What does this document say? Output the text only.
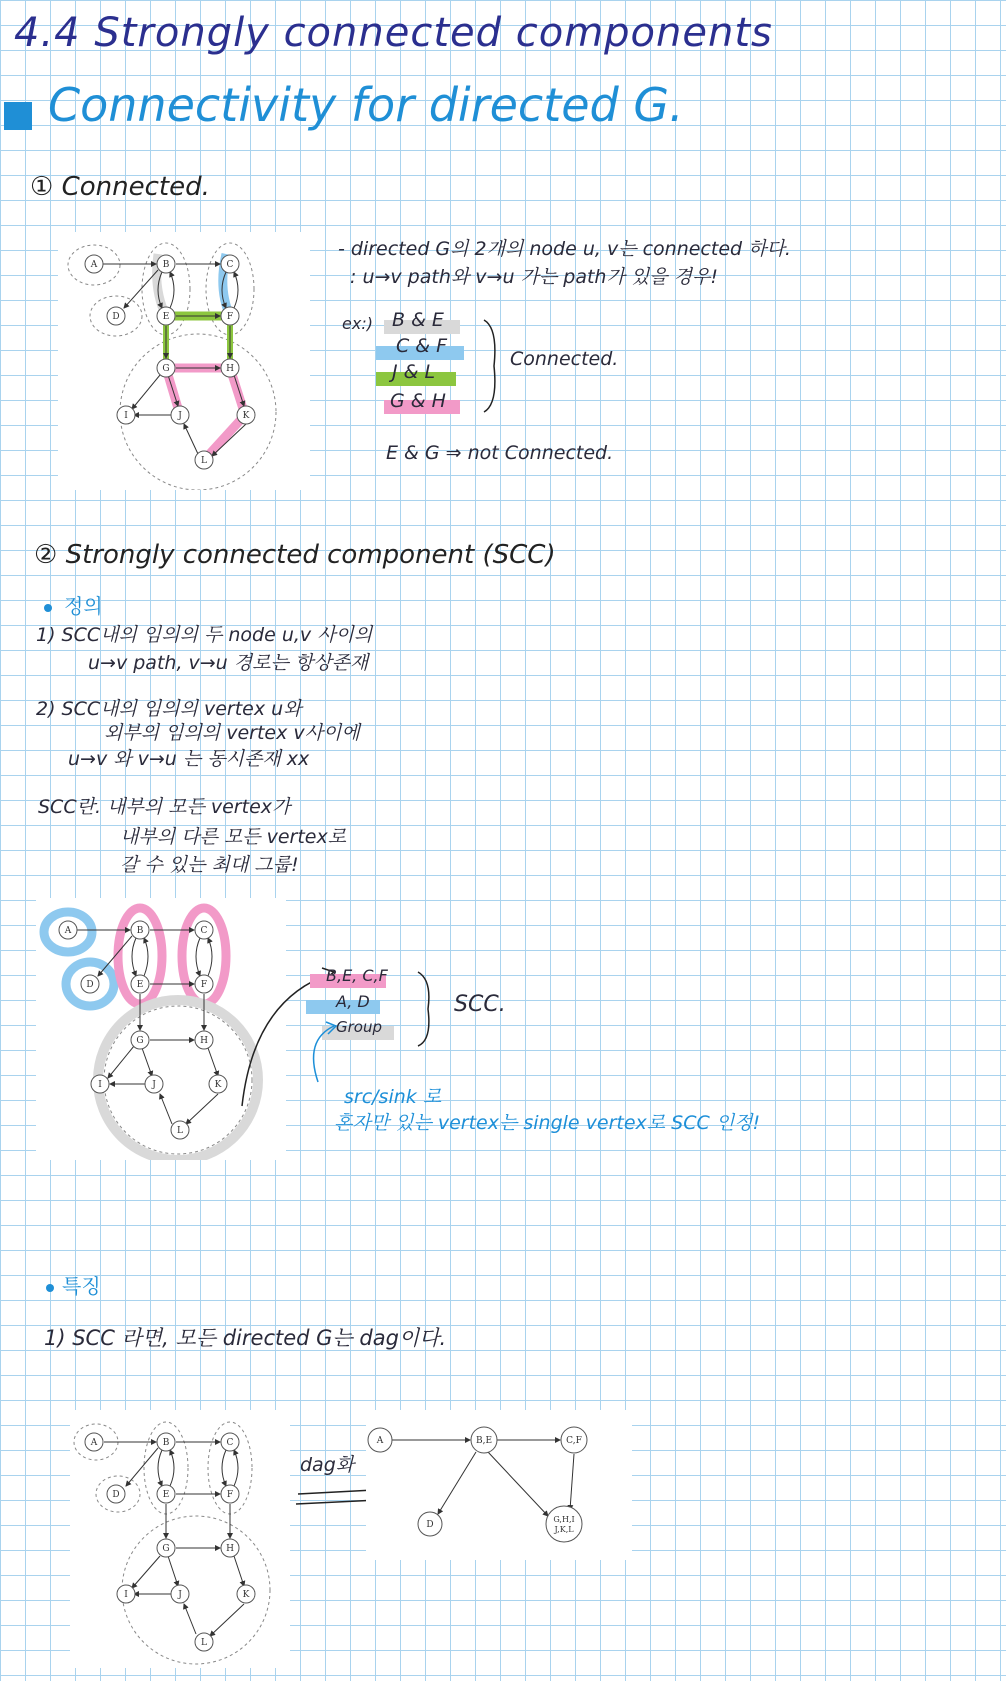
4.4 Strongly connected components
Connectivity for directed G.
① Connected.
A	B	C
D	E	F
G	H
I	J	K
L
- directed G의 2개의 node u, v는 connected 하다.
: u→v path와 v→u 가는 path가 있을 경우!
ex:) B & E
C & F
J & L
G & H
Connected.
E & G ⇒ not Connected.
② Strongly connected component (SCC)
정의
1) SCC내의 임의의 두 node u,v 사이의
u→v path, v→u 경로는 항상존재
2) SCC내의 임의의 vertex u와
외부의 임의의 vertex v사이에
u→v 와 v→u 는 동시존재 xx
SCC란. 내부의 모든 vertex가
내부의 다른 모든 vertex로
갈 수 있는 최대 그룹!
A	B	C
D	E	F
G	H
I	J	K
L
B,E, C,F
A, D
Group
SCC.
src/sink 로
혼자만 있는 vertex는 single vertex로 SCC 인정!
특징
1) SCC 라면, 모든 directed G는 dag이다.
A	B	C
D	E	F
G	H
I	J	K
L
dag화
A	B,E	C,F
D
G,H,I
J,K,L
